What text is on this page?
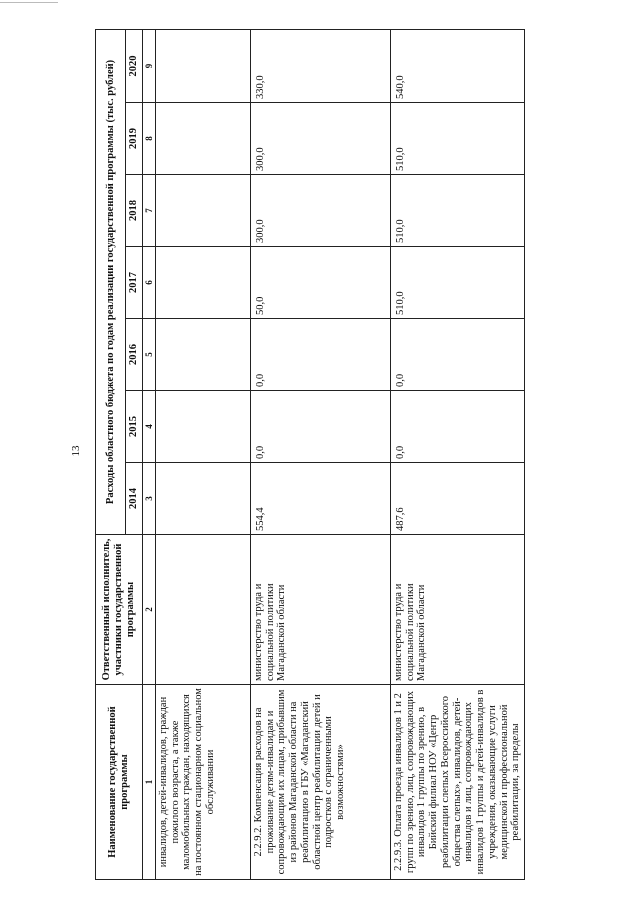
13
Наименование государственной программы	Ответственный исполнитель, участники государственной программы	Расходы областного бюджета по годам реализации государственной программы (тыс. рублей)						
		2014	2015	2016	2017	2018	2019	2020
1	2	3	4	5	6	7	8	9
инвалидов, детей-инвалидов, граждан пожилого возраста, а также маломобильных граждан, находящихся на постоянном стационарном социальном обслуживании								
2.2.9.2. Компенсация расходов на проживание детям-инвалидам и сопровождающим их лицам, прибывшим из районов Магаданской области на реабилитацию в ГБУ «Магаданский областной центр реабилитации детей и подростков с ограниченными возможностями»	министерство труда и социальной политики Магаданской области	554,4	0,0	0,0	50,0	300,0	300,0	330,0
2.2.9.3. Оплата проезда инвалидов 1 и 2 групп по зрению, лиц, сопровождающих инвалидов 1 группы по зрению, в Бийский филиал НОУ «Центр реабилитации слепых Всероссийского общества слепых», инвалидов, детей-инвалидов и лиц, сопровождающих инвалидов 1 группы и детей-инвалидов в учреждения, оказывающие услуги медицинской и профессиональной реабилитации, за пределы	министерство труда и социальной политики Магаданской области	487,6	0,0	0,0	510,0	510,0	510,0	540,0
